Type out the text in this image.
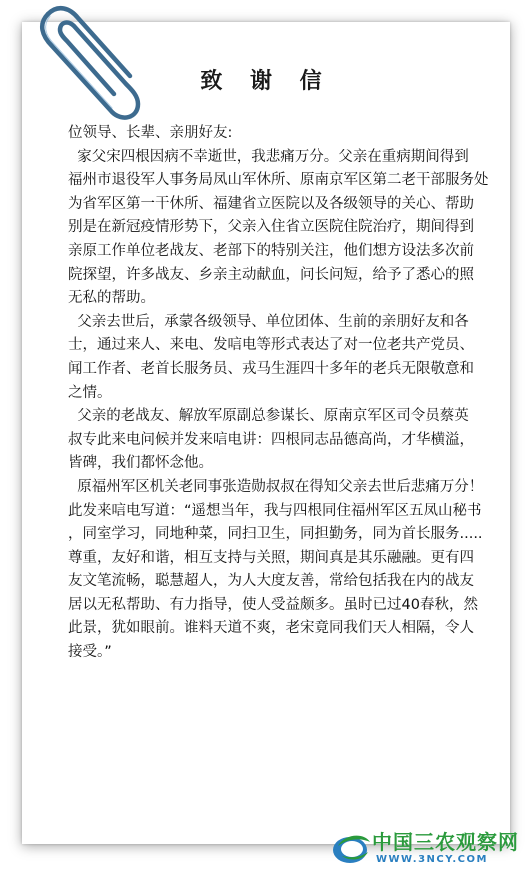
致 谢 信
位领导、长辈、亲朋好友:
家父宋四根因病不幸逝世，我悲痛万分。父亲在重病期间得到
福州市退役军人事务局凤山军休所、原南京军区第二老干部服务处
为省军区第一干休所、福建省立医院以及各级领导的关心、帮助
别是在新冠疫情形势下，父亲入住省立医院住院治疗，期间得到
亲原工作单位老战友、老部下的特别关注，他们想方设法多次前
院探望，许多战友、乡亲主动献血，问长问短，给予了悉心的照
无私的帮助。
父亲去世后，承蒙各级领导、单位团体、生前的亲朋好友和各
士，通过来人、来电、发唁电等形式表达了对一位老共产党员、
闻工作者、老首长服务员、戎马生涯四十多年的老兵无限敬意和
之情。
父亲的老战友、解放军原副总参谋长、原南京军区司令员蔡英
叔专此来电问候并发来唁电讲：四根同志品德高尚，才华横溢，
皆碑，我们都怀念他。
原福州军区机关老同事张造勋叔叔在得知父亲去世后悲痛万分！
此发来唁电写道：“遥想当年，我与四根同住福州军区五凤山秘书
，同室学习，同地种菜，同扫卫生，同担勤务，同为首长服务.....
尊重，友好和谐，相互支持与关照，期间真是其乐融融。更有四
友文笔流畅，聪慧超人，为人大度友善，常给包括我在内的战友
居以无私帮助、有力指导，使人受益颇多。虽时已过40春秋，然
此景，犹如眼前。谁料天道不爽，老宋竟同我们天人相隔，令人
接受。”
中国三农观察网
WWW.3NCY.COM
